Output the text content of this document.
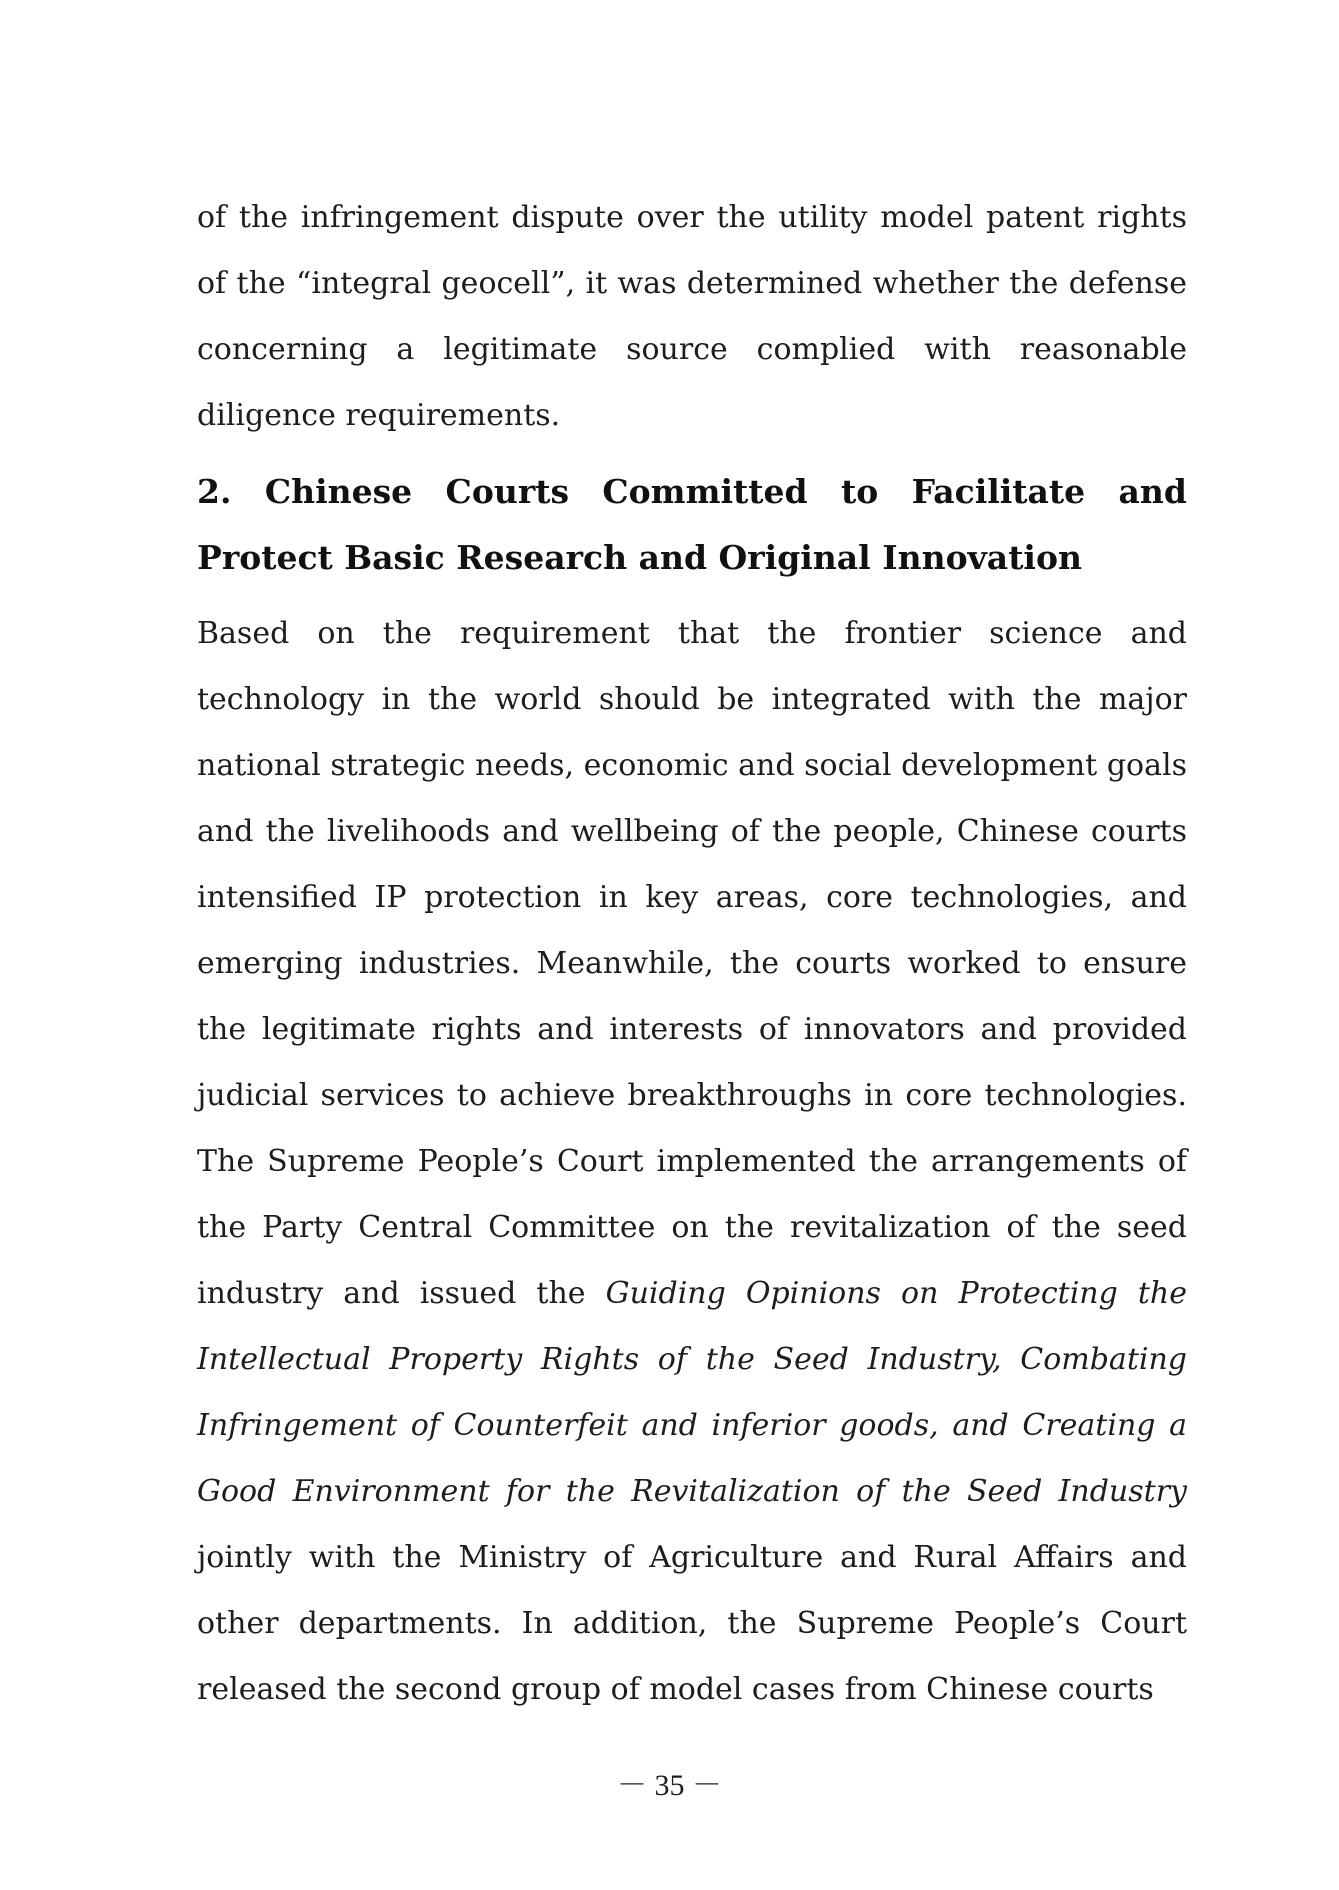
of the infringement dispute over the utility model patent rights of the “integral geocell”, it was determined whether the defense concerning a legitimate source complied with reasonable diligence requirements.

2. Chinese Courts Committed to Facilitate and Protect Basic Research and Original Innovation

Based on the requirement that the frontier science and technology in the world should be integrated with the major national strategic needs, economic and social development goals and the livelihoods and wellbeing of the people, Chinese courts intensified IP protection in key areas, core technologies, and emerging industries. Meanwhile, the courts worked to ensure the legitimate rights and interests of innovators and provided judicial services to achieve breakthroughs in core technologies. The Supreme People’s Court implemented the arrangements of the Party Central Committee on the revitalization of the seed industry and issued the Guiding Opinions on Protecting the Intellectual Property Rights of the Seed Industry, Combating Infringement of Counterfeit and inferior goods, and Creating a Good Environment for the Revitalization of the Seed Industry jointly with the Ministry of Agriculture and Rural Affairs and other departments. In addition, the Supreme People’s Court released the second group of model cases from Chinese courts

－ 35 －
